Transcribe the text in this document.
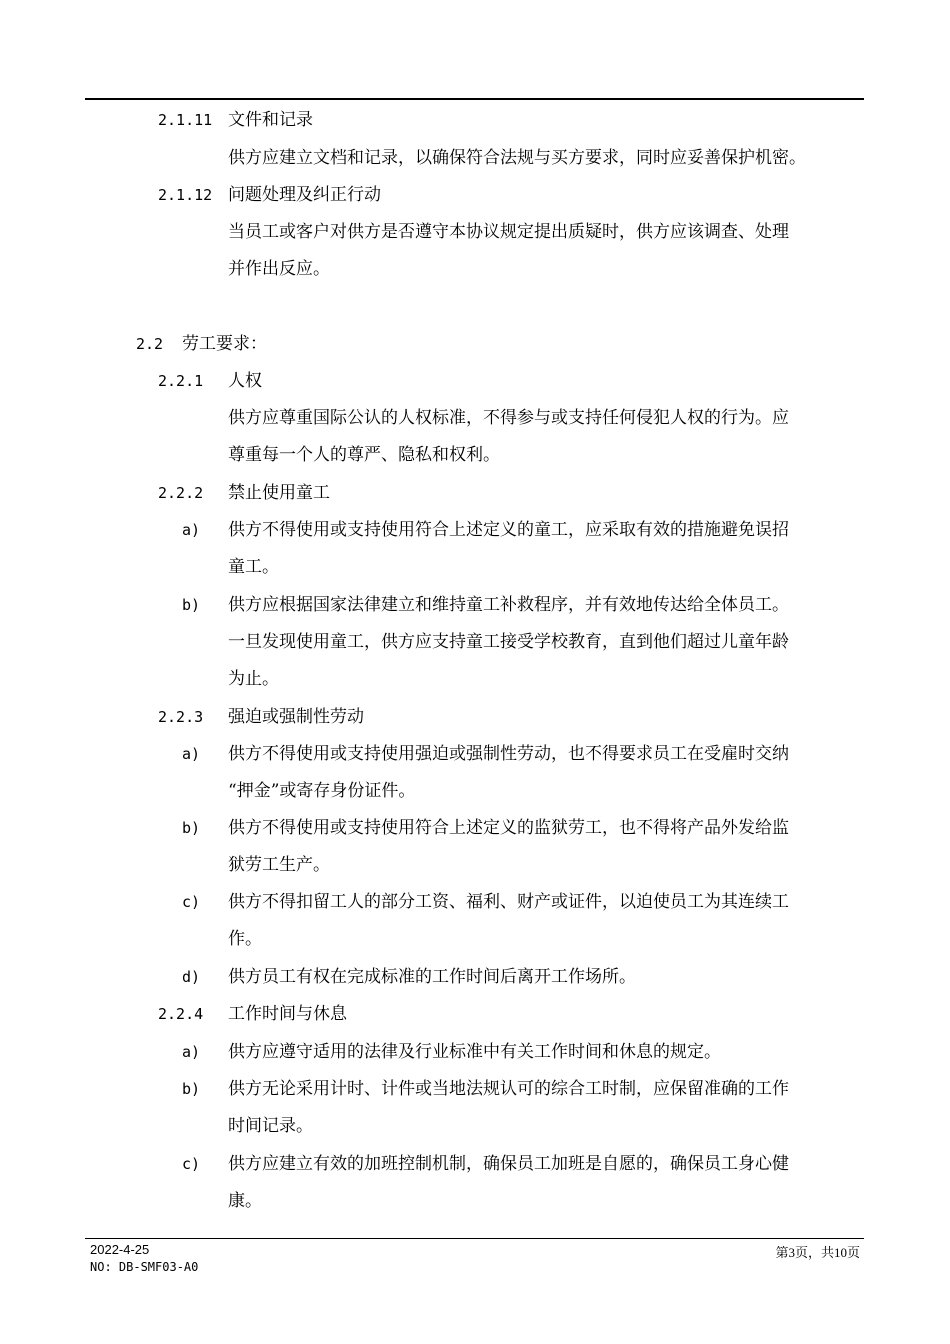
2.1.11 文件和记录
供方应建立文档和记录，以确保符合法规与买方要求，同时应妥善保护机密。
2.1.12 问题处理及纠正行动
当员工或客户对供方是否遵守本协议规定提出质疑时，供方应该调查、处理
并作出反应。
2.2 劳工要求：
2.2.1 人权
供方应尊重国际公认的人权标准，不得参与或支持任何侵犯人权的行为。应
尊重每一个人的尊严、隐私和权利。
2.2.2 禁止使用童工
a) 供方不得使用或支持使用符合上述定义的童工，应采取有效的措施避免误招
童工。
b) 供方应根据国家法律建立和维持童工补救程序，并有效地传达给全体员工。
一旦发现使用童工，供方应支持童工接受学校教育，直到他们超过儿童年龄
为止。
2.2.3 强迫或强制性劳动
a) 供方不得使用或支持使用强迫或强制性劳动，也不得要求员工在受雇时交纳
“押金”或寄存身份证件。
b) 供方不得使用或支持使用符合上述定义的监狱劳工，也不得将产品外发给监
狱劳工生产。
c) 供方不得扣留工人的部分工资、福利、财产或证件，以迫使员工为其连续工
作。
d) 供方员工有权在完成标准的工作时间后离开工作场所。
2.2.4 工作时间与休息
a) 供方应遵守适用的法律及行业标准中有关工作时间和休息的规定。
b) 供方无论采用计时、计件或当地法规认可的综合工时制，应保留准确的工作
时间记录。
c) 供方应建立有效的加班控制机制，确保员工加班是自愿的，确保员工身心健
康。
2022-4-25	第3页，共10页
NO: DB-SMF03-A0
